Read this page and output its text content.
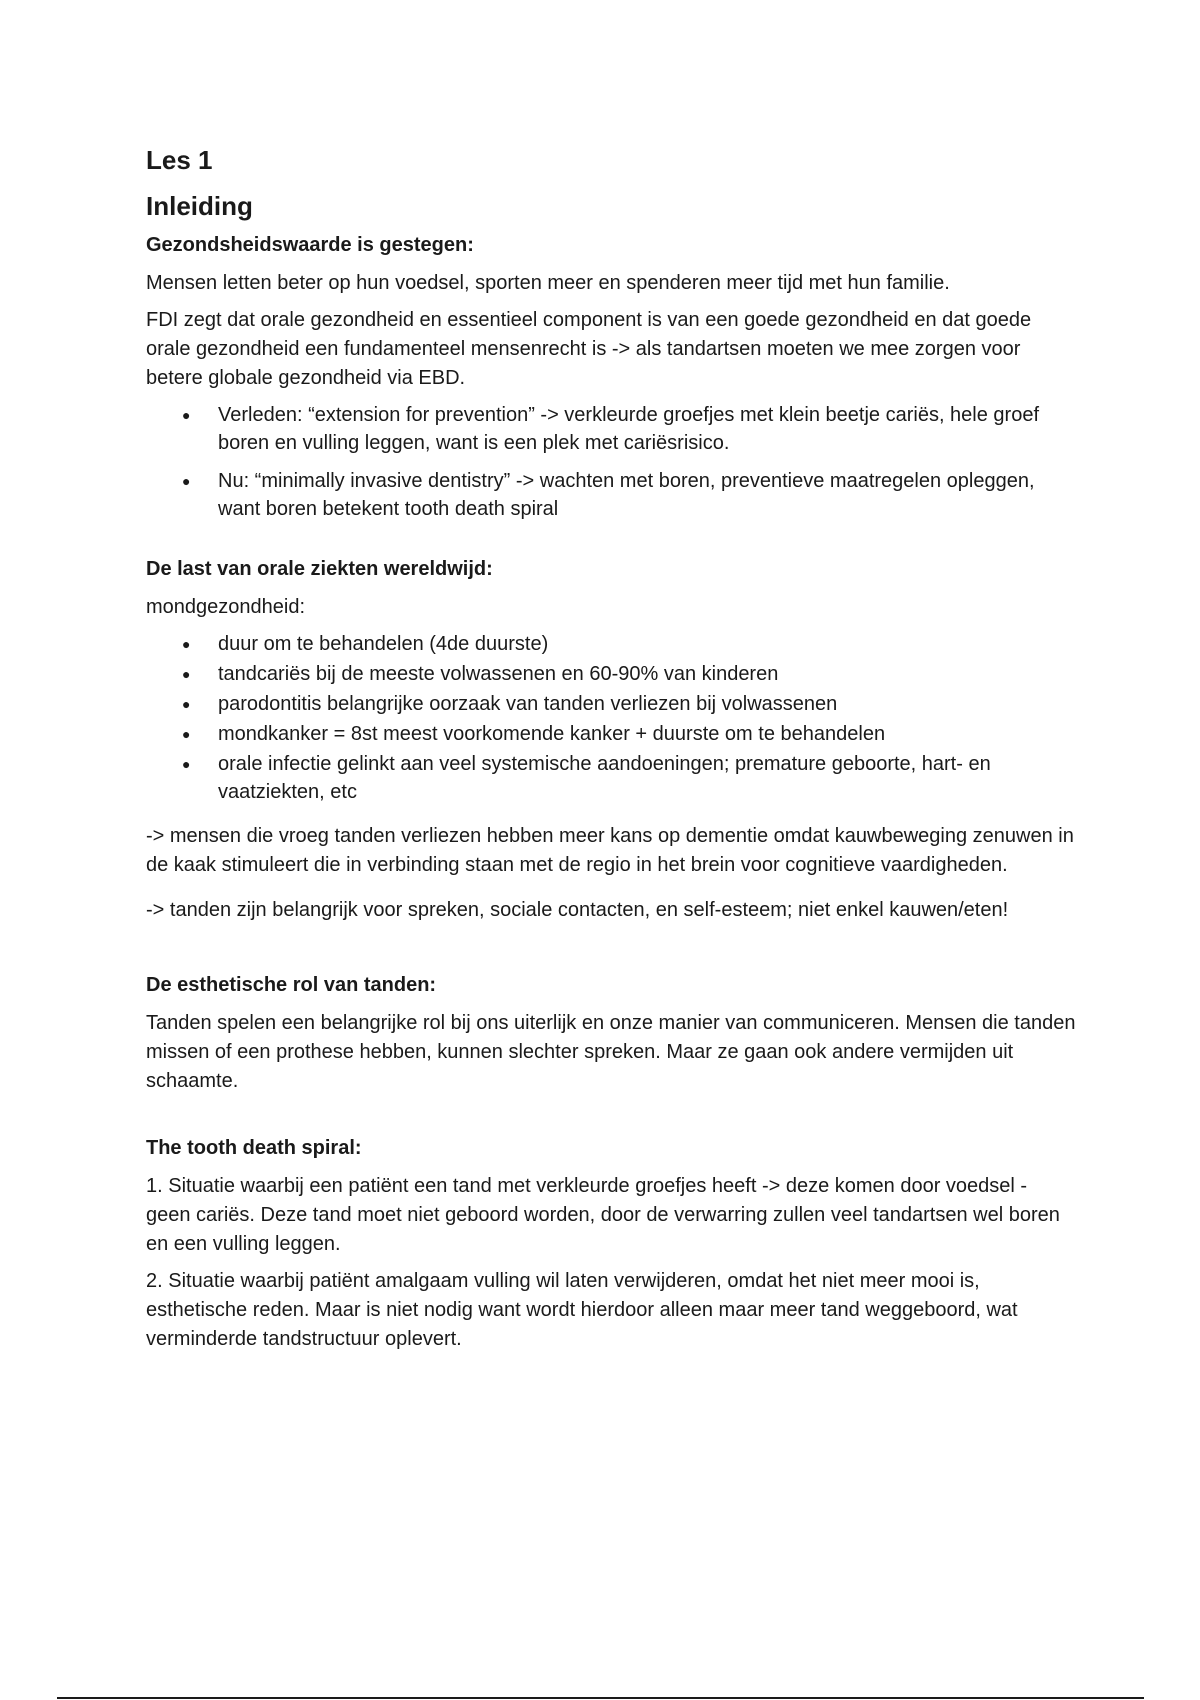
Les 1
Inleiding
Gezondsheidswaarde is gestegen:

Mensen letten beter op hun voedsel, sporten meer en spenderen meer tijd met hun familie.

FDI zegt dat orale gezondheid en essentieel component is van een goede gezondheid en dat goede orale gezondheid een fundamenteel mensenrecht is -> als tandartsen moeten we mee zorgen voor betere globale gezondheid via EBD.

● Verleden: “extension for prevention” -> verkleurde groefjes met klein beetje cariës, hele groef boren en vulling leggen, want is een plek met cariësrisico.
● Nu: “minimally invasive dentistry” -> wachten met boren, preventieve maatregelen opleggen, want boren betekent tooth death spiral
De last van orale ziekten wereldwijd:

mondgezondheid:

● duur om te behandelen (4de duurste)
● tandcariës bij de meeste volwassenen en 60-90% van kinderen
● parodontitis belangrijke oorzaak van tanden verliezen bij volwassenen
● mondkanker = 8st meest voorkomende kanker + duurste om te behandelen
● orale infectie gelinkt aan veel systemische aandoeningen; premature geboorte, hart- en vaatziekten, etc

-> mensen die vroeg tanden verliezen hebben meer kans op dementie omdat kauwbeweging zenuwen in de kaak stimuleert die in verbinding staan met de regio in het brein voor cognitieve vaardigheden.

-> tanden zijn belangrijk voor spreken, sociale contacten, en self-esteem; niet enkel kauwen/eten!

De esthetische rol van tanden:

Tanden spelen een belangrijke rol bij ons uiterlijk en onze manier van communiceren. Mensen die tanden missen of een prothese hebben, kunnen slechter spreken. Maar ze gaan ook andere vermijden uit schaamte.

The tooth death spiral:

1. Situatie waarbij een patiënt een tand met verkleurde groefjes heeft -> deze komen door voedsel - geen cariës. Deze tand moet niet geboord worden, door de verwarring zullen veel tandartsen wel boren en een vulling leggen.

2. Situatie waarbij patiënt amalgaam vulling wil laten verwijderen, omdat het niet meer mooi is, esthetische reden. Maar is niet nodig want wordt hierdoor alleen maar meer tand weggeboord, wat verminderde tandstructuur oplevert.
